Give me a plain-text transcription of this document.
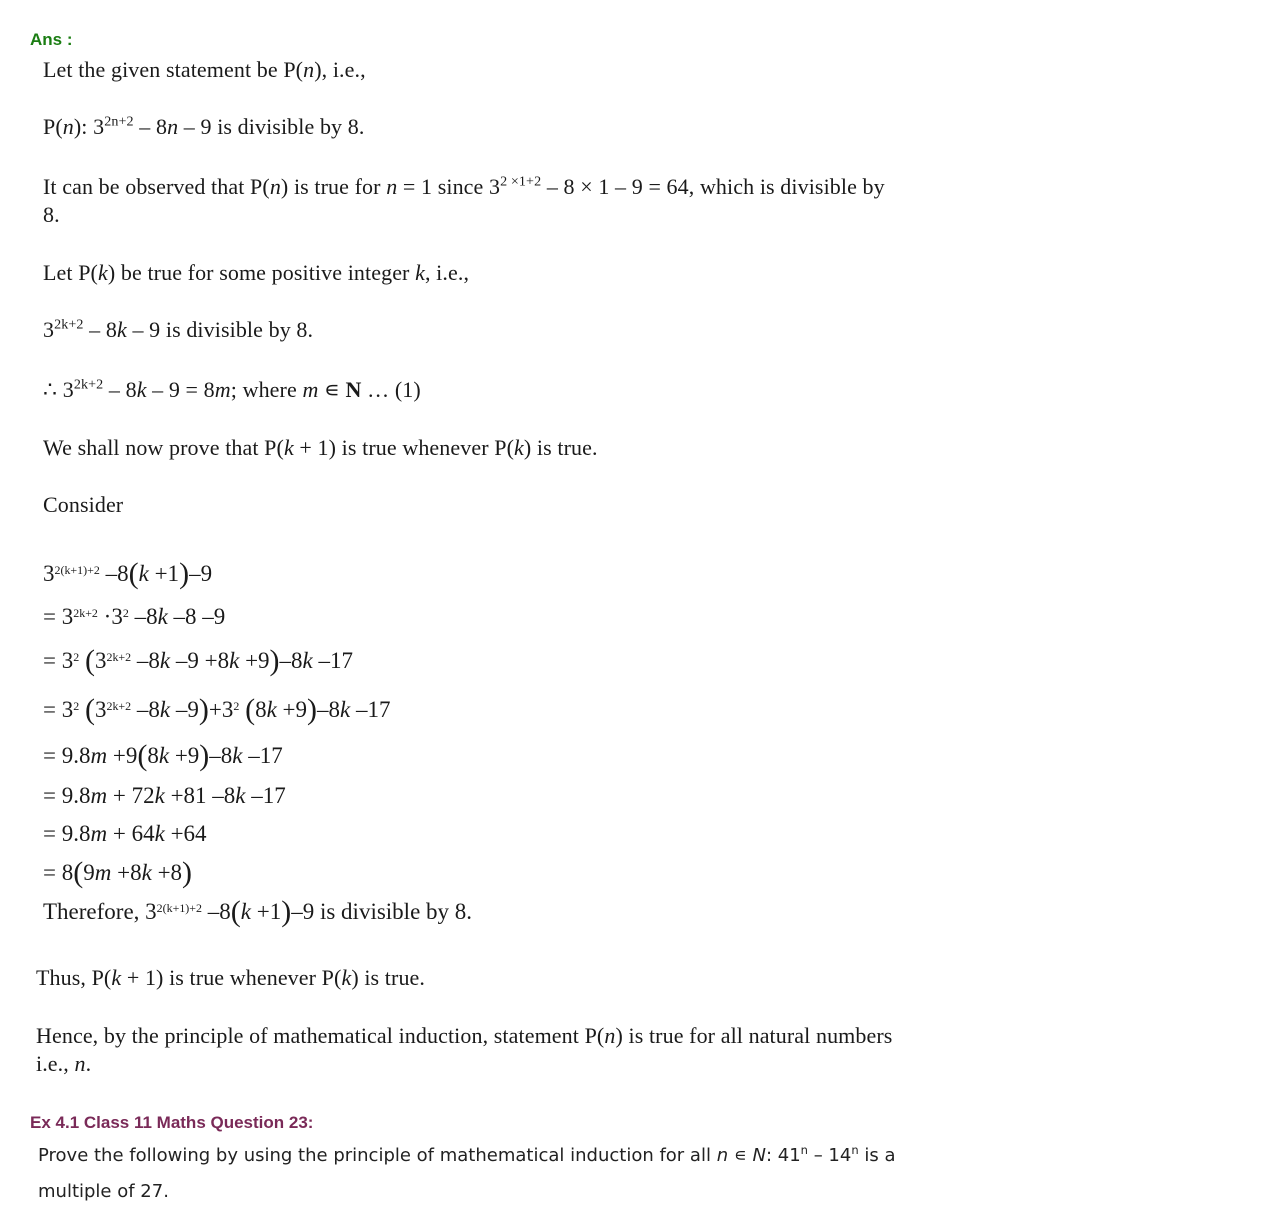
Ans :
Let the given statement be P(n), i.e.,
P(n): $3^{2n+2} - 8n - 9$ is divisible by 8.
It can be observed that P(n) is true for n = 1 since $3^{2 \times 1+2} - 8 \times 1 - 9 = 64$, which is divisible by
8.
Let P(k) be true for some positive integer k, i.e.,
$3^{2k+2} - 8k - 9$ is divisible by 8.
∴ $3^{2k+2} - 8k - 9 = 8m$; where m ∊ N … (1)
We shall now prove that P(k + 1) is true whenever P(k) is true.
Consider
$3^{2(k+1)+2}$ –8(k +1)–9
= $3^{2k+2} \cdot 3^2$ –8k –8 –9
= $3^2$ ($3^{2k+2}$ –8k –9 +8k +9)–8k –17
= $3^2$ ($3^{2k+2}$ –8k $-9)+3^2$ (8k +9)–8k –17
= 9.8m +9(8k +9)–8k –17
= 9.8m + 72k +81 –8k –17
= 9.8m + 64k +64
= 8(9m +8k +8)
Therefore, $3^{2(k+1)+2}$ –8(k +1)–9 is divisible by 8.
Thus, P(k + 1) is true whenever P(k) is true.
Hence, by the principle of mathematical induction, statement P(n) is true for all natural numbers
i.e., n.
Ex 4.1 Class 11 Maths Question 23:
Prove the following by using the principle of mathematical induction for all n ∊ N: 41$^n$ – 14$^n$ is a
multiple of 27.
